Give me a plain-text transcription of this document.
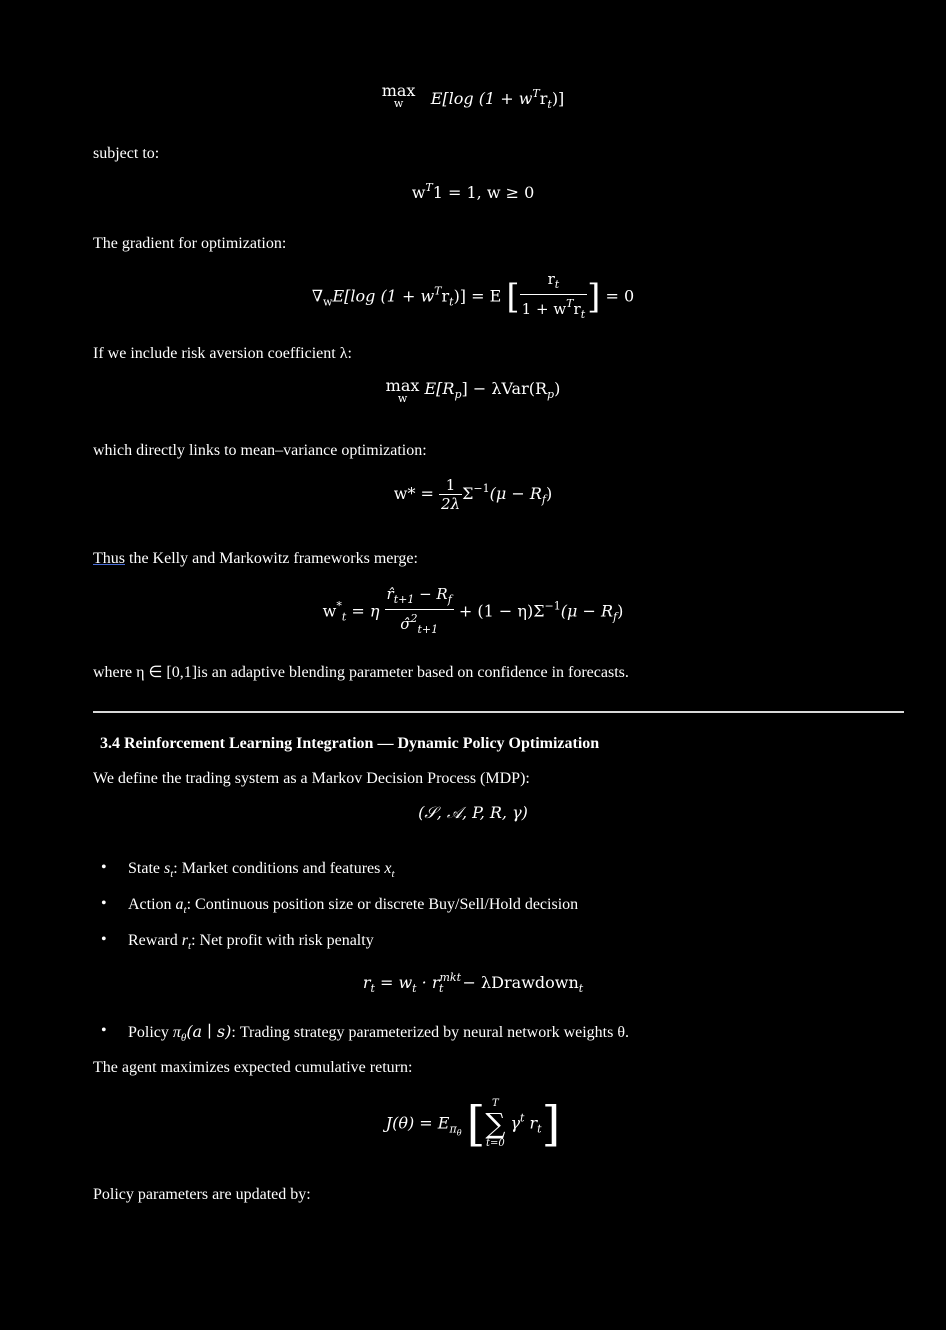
max
w	E[log $(1 + w^Tr_t)$]
subject to:
$w^T1 = 1$, w ≥ 0
The gradient for optimization:
$\nabla_wE[\log$ $(1 + w^Tr_t)] = E$ [ $\frac{r_t}{1 + w^Tr_t}$ ] = 0
If we include risk aversion coefficient λ:
max
w
$E[R_p] - \lambda Var(R_p)$
which directly links to mean–variance optimization:
$w* = \frac{1}{2\lambda} \Sigma^{-1}(\mu - R_f)$
Thus the Kelly and Markowitz frameworks merge:
$w^*_t = \eta \frac{r̂_{t+1} - R_f}{\sigmâ^2_{t+1}} + (1 - \eta)\Sigma^{-1}(\mu - R_f)$
where η ∈ [0,1]is an adaptive blending parameter based on confidence in forecasts.
3.4 Reinforcement Learning Integration — Dynamic Policy Optimization
We define the trading system as a Markov Decision Process (MDP):
(𝒮, 𝒜, P, R, γ)
• State $s_t$: Market conditions and features $x_t$
• Action $a_t$: Continuous position size or discrete Buy/Sell/Hold decision
• Reward $r_t$: Net profit with risk penalty
$r_t = w_t \cdot r^{mkt}_t$ − λDrawdown$_t$
• Policy $\pi_\theta(a$ ∣ s): Trading strategy parameterized by neural network weights θ.
The agent maximizes expected cumulative return:
$J(\theta) = E_{\pi\theta}$ [ T
∑
t=0
$\gamma^t$ $r_t$]
Policy parameters are updated by:
